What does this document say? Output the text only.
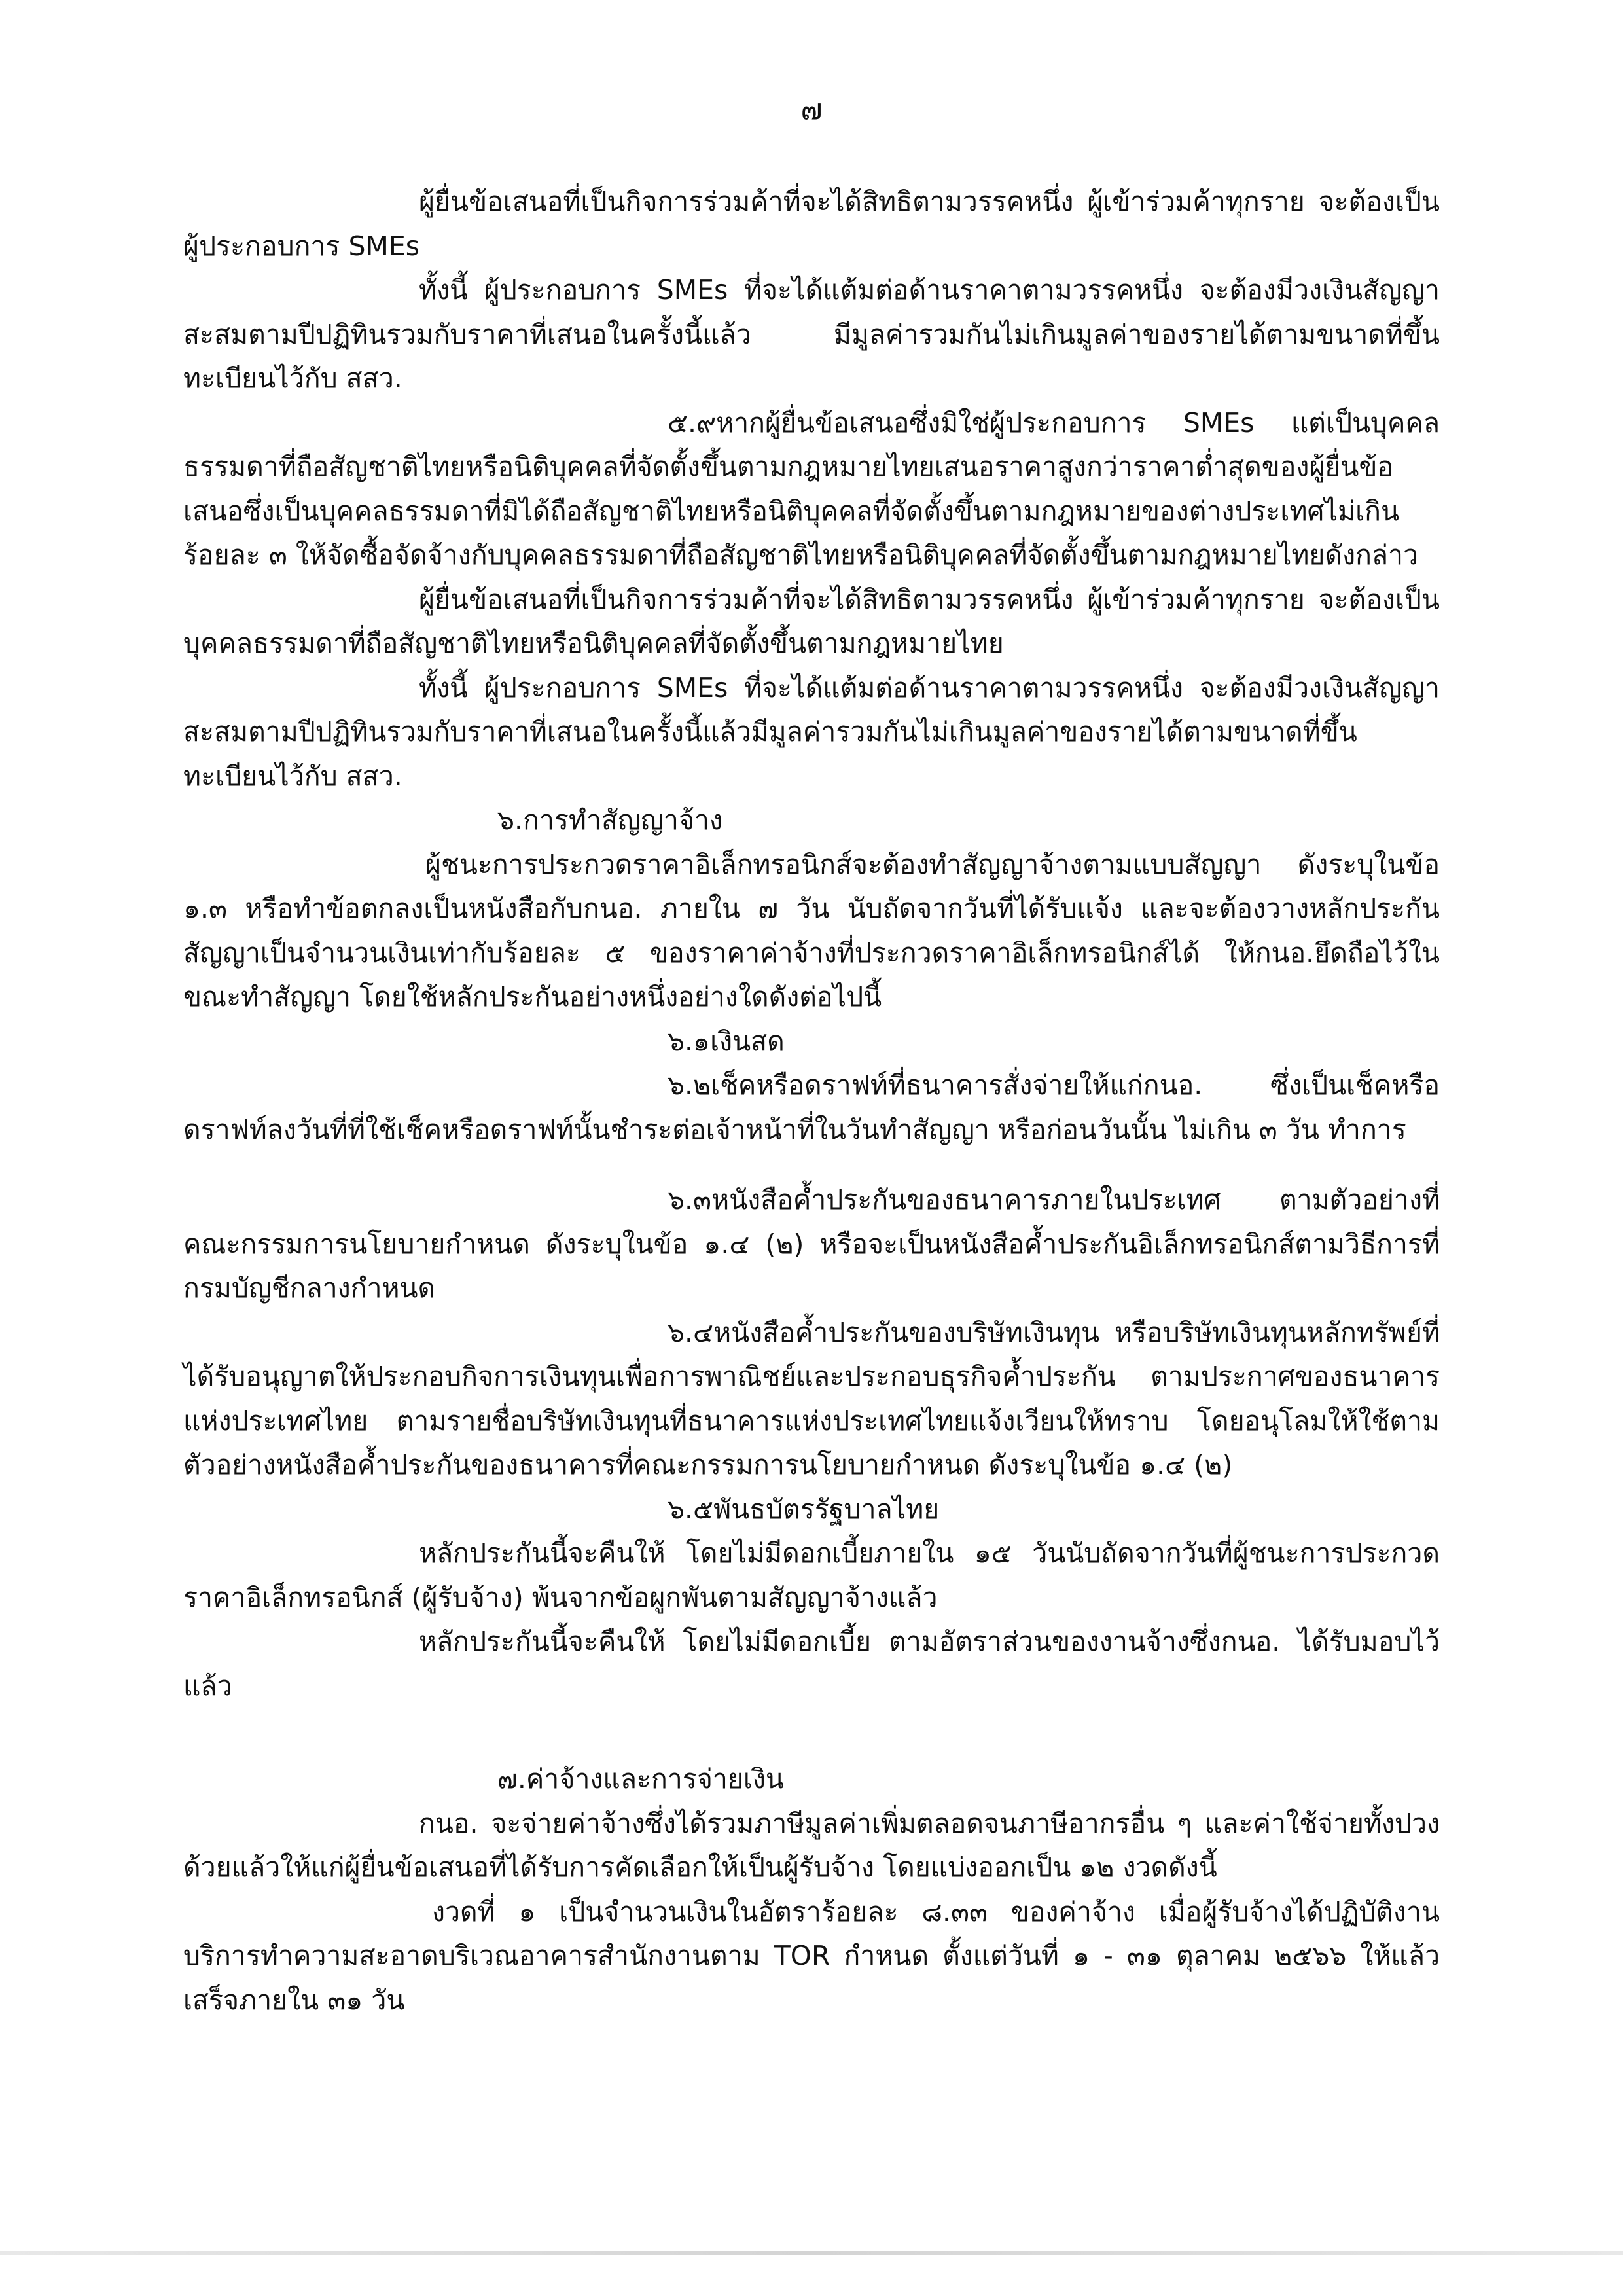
๗

ผู้ยื่นข้อเสนอที่เป็นกิจการร่วมค้าที่จะได้สิทธิตามวรรคหนึ่ง ผู้เข้าร่วมค้าทุกราย จะต้องเป็นผู้ประกอบการ SMEs

ทั้งนี้ ผู้ประกอบการ SMEs ที่จะได้แต้มต่อด้านราคาตามวรรคหนึ่ง จะต้องมีวงเงินสัญญาสะสมตามปีปฏิทินรวมกับราคาที่เสนอในครั้งนี้แล้ว มีมูลค่ารวมกันไม่เกินมูลค่าของรายได้ตามขนาดที่ขึ้นทะเบียนไว้กับ สสว.

๕.๙หากผู้ยื่นข้อเสนอซึ่งมิใช่ผู้ประกอบการ SMEs แต่เป็นบุคคลธรรมดาที่ถือสัญชาติไทยหรือนิติบุคคลที่จัดตั้งขึ้นตามกฎหมายไทยเสนอราคาสูงกว่าราคาต่ำสุดของผู้ยื่นข้อเสนอซึ่งเป็นบุคคลธรรมดาที่มิได้ถือสัญชาติไทยหรือนิติบุคคลที่จัดตั้งขึ้นตามกฎหมายของต่างประเทศไม่เกินร้อยละ ๓ ให้จัดซื้อจัดจ้างกับบุคคลธรรมดาที่ถือสัญชาติไทยหรือนิติบุคคลที่จัดตั้งขึ้นตามกฎหมายไทยดังกล่าว

ผู้ยื่นข้อเสนอที่เป็นกิจการร่วมค้าที่จะได้สิทธิตามวรรคหนึ่ง ผู้เข้าร่วมค้าทุกราย จะต้องเป็นบุคคลธรรมดาที่ถือสัญชาติไทยหรือนิติบุคคลที่จัดตั้งขึ้นตามกฎหมายไทย

ทั้งนี้ ผู้ประกอบการ SMEs ที่จะได้แต้มต่อด้านราคาตามวรรคหนึ่ง จะต้องมีวงเงินสัญญาสะสมตามปีปฏิทินรวมกับราคาที่เสนอในครั้งนี้แล้วมีมูลค่ารวมกันไม่เกินมูลค่าของรายได้ตามขนาดที่ขึ้นทะเบียนไว้กับ สสว.

๖.การทำสัญญาจ้าง

ผู้ชนะการประกวดราคาอิเล็กทรอนิกส์จะต้องทำสัญญาจ้างตามแบบสัญญา ดังระบุในข้อ ๑.๓ หรือทำข้อตกลงเป็นหนังสือกับกนอ. ภายใน ๗ วัน นับถัดจากวันที่ได้รับแจ้ง และจะต้องวางหลักประกันสัญญาเป็นจำนวนเงินเท่ากับร้อยละ ๕ ของราคาค่าจ้างที่ประกวดราคาอิเล็กทรอนิกส์ได้ ให้กนอ.ยึดถือไว้ในขณะทำสัญญา โดยใช้หลักประกันอย่างหนึ่งอย่างใดดังต่อไปนี้

๖.๑เงินสด

๖.๒เช็คหรือดราฟท์ที่ธนาคารสั่งจ่ายให้แก่กนอ. ซึ่งเป็นเช็คหรือดราฟท์ลงวันที่ที่ใช้เช็คหรือดราฟท์นั้นชำระต่อเจ้าหน้าที่ในวันทำสัญญา หรือก่อนวันนั้น ไม่เกิน ๓ วัน ทำการ

๖.๓หนังสือค้ำประกันของธนาคารภายในประเทศ ตามตัวอย่างที่คณะกรรมการนโยบายกำหนด ดังระบุในข้อ ๑.๔ (๒) หรือจะเป็นหนังสือค้ำประกันอิเล็กทรอนิกส์ตามวิธีการที่กรมบัญชีกลางกำหนด

๖.๔หนังสือค้ำประกันของบริษัทเงินทุน หรือบริษัทเงินทุนหลักทรัพย์ที่ได้รับอนุญาตให้ประกอบกิจการเงินทุนเพื่อการพาณิชย์และประกอบธุรกิจค้ำประกัน ตามประกาศของธนาคารแห่งประเทศไทย ตามรายชื่อบริษัทเงินทุนที่ธนาคารแห่งประเทศไทยแจ้งเวียนให้ทราบ โดยอนุโลมให้ใช้ตามตัวอย่างหนังสือค้ำประกันของธนาคารที่คณะกรรมการนโยบายกำหนด ดังระบุในข้อ ๑.๔ (๒)

๖.๕พันธบัตรรัฐบาลไทย

หลักประกันนี้จะคืนให้ โดยไม่มีดอกเบี้ยภายใน ๑๕ วันนับถัดจากวันที่ผู้ชนะการประกวดราคาอิเล็กทรอนิกส์ (ผู้รับจ้าง) พ้นจากข้อผูกพันตามสัญญาจ้างแล้ว

หลักประกันนี้จะคืนให้ โดยไม่มีดอกเบี้ย ตามอัตราส่วนของงานจ้างซึ่งกนอ. ได้รับมอบไว้แล้ว

๗.ค่าจ้างและการจ่ายเงิน

กนอ. จะจ่ายค่าจ้างซึ่งได้รวมภาษีมูลค่าเพิ่มตลอดจนภาษีอากรอื่น ๆ และค่าใช้จ่ายทั้งปวงด้วยแล้วให้แก่ผู้ยื่นข้อเสนอที่ได้รับการคัดเลือกให้เป็นผู้รับจ้าง โดยแบ่งออกเป็น ๑๒ งวดดังนี้

งวดที่ ๑ เป็นจำนวนเงินในอัตราร้อยละ ๘.๓๓ ของค่าจ้าง เมื่อผู้รับจ้างได้ปฏิบัติงานบริการทำความสะอาดบริเวณอาคารสำนักงานตาม TOR กำหนด ตั้งแต่วันที่ ๑ - ๓๑ ตุลาคม ๒๕๖๖ ให้แล้วเสร็จภายใน ๓๑ วัน
